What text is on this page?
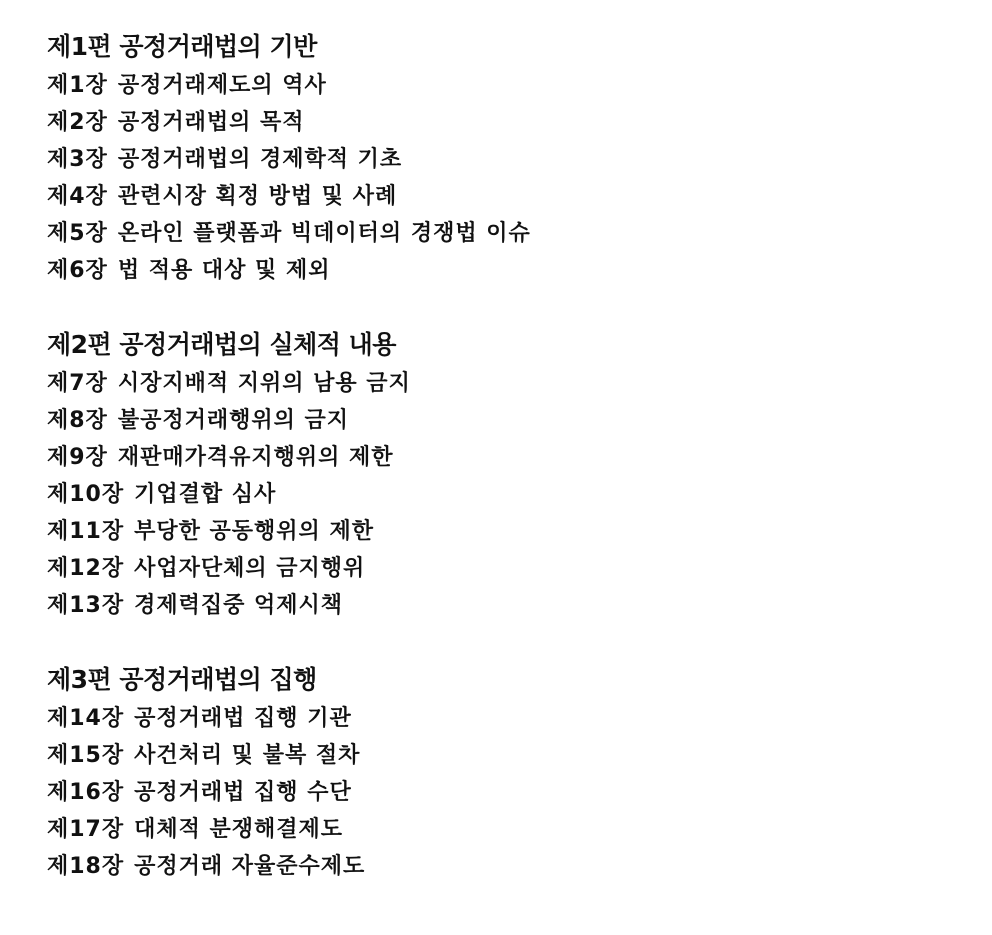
제1편 공정거래법의 기반
제1장 공정거래제도의 역사
제2장 공정거래법의 목적
제3장 공정거래법의 경제학적 기초
제4장 관련시장 획정 방법 및 사례
제5장 온라인 플랫폼과 빅데이터의 경쟁법 이슈
제6장 법 적용 대상 및 제외
제2편 공정거래법의 실체적 내용
제7장 시장지배적 지위의 남용 금지
제8장 불공정거래행위의 금지
제9장 재판매가격유지행위의 제한
제10장 기업결합 심사
제11장 부당한 공동행위의 제한
제12장 사업자단체의 금지행위
제13장 경제력집중 억제시책
제3편 공정거래법의 집행
제14장 공정거래법 집행 기관
제15장 사건처리 및 불복 절차
제16장 공정거래법 집행 수단
제17장 대체적 분쟁해결제도
제18장 공정거래 자율준수제도
